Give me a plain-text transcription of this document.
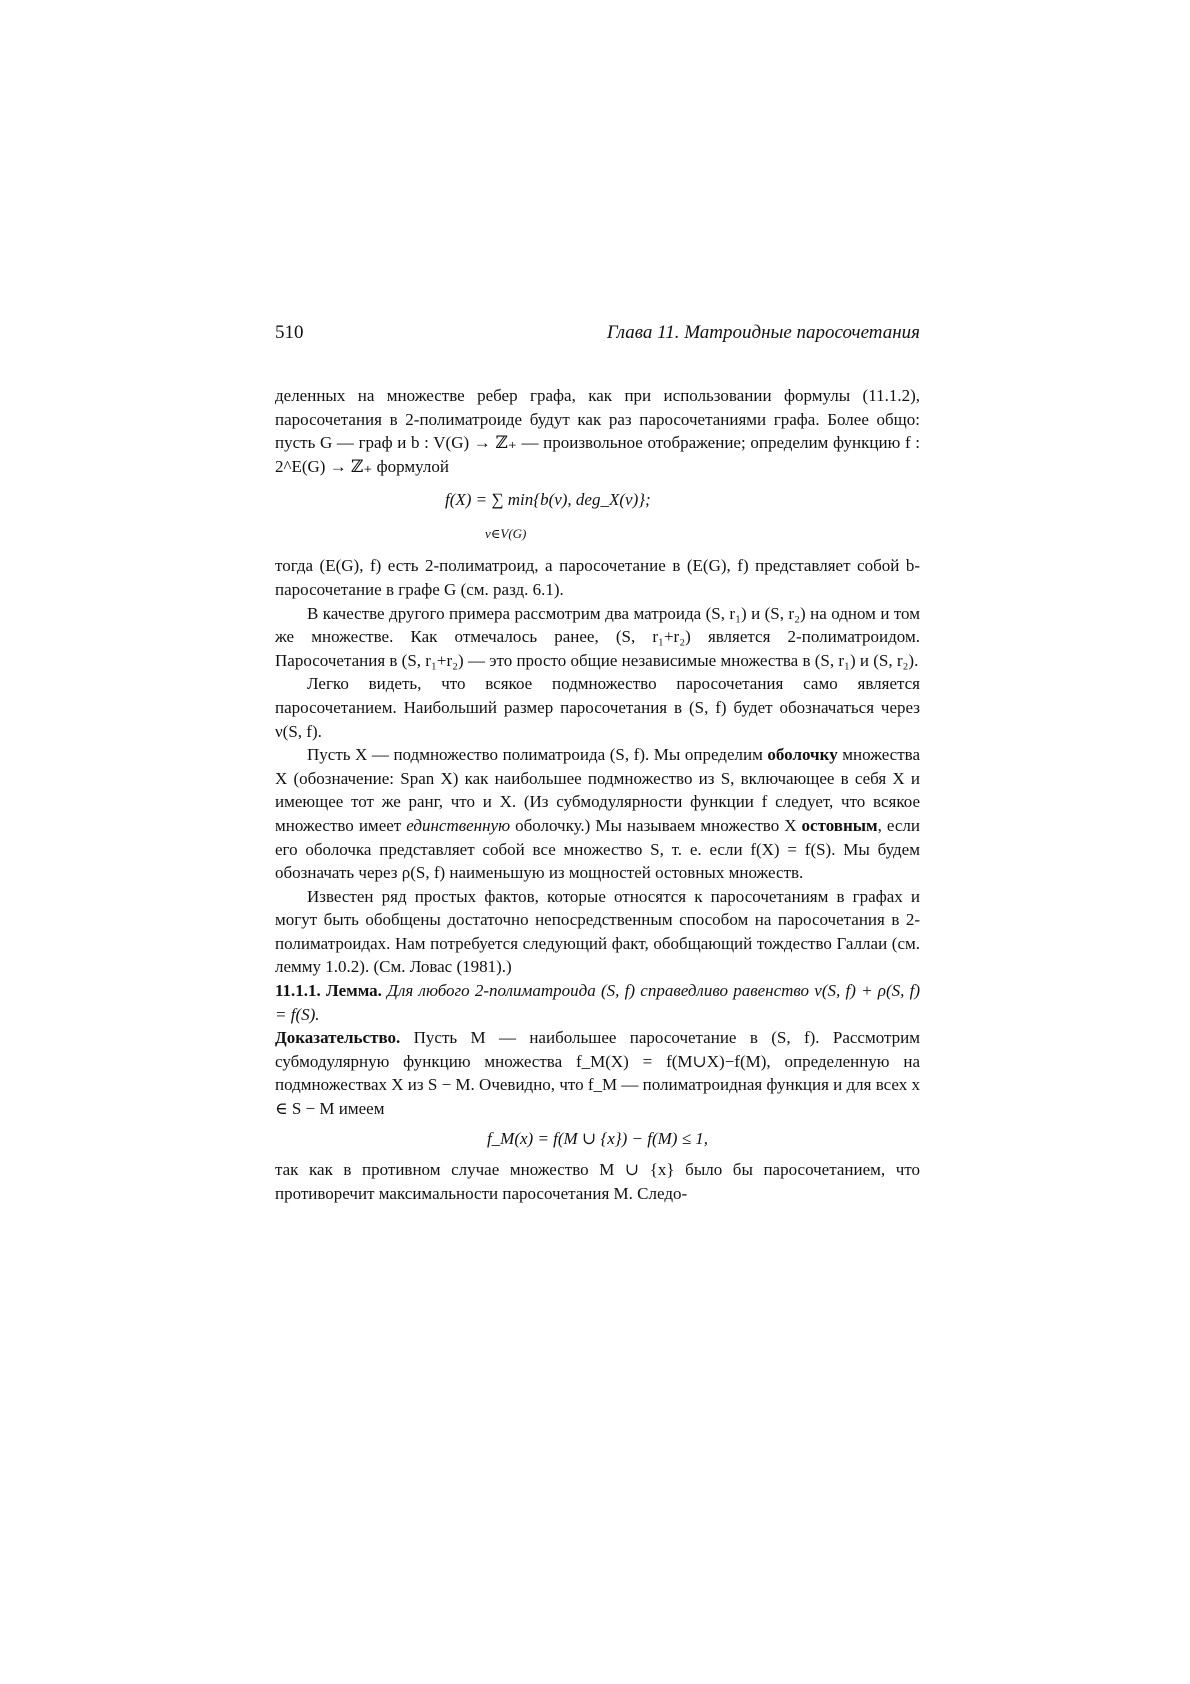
510	Глава 11. Матроидные паросочетания

деленных на множестве ребер графа, как при использовании формулы (11.1.2), паросочетания в 2-полиматроиде будут как раз паросочетаниями графа. Более общо: пусть G — граф и b : V(G) → ℤ₊ — произвольное отображение; определим функцию f : 2^E(G) → ℤ₊ формулой

f(X) = ∑ min{b(v), deg_X(v)};
v∈V(G)

тогда (E(G), f) есть 2-полиматроид, а паросочетание в (E(G), f) представляет собой b-паросочетание в графе G (см. разд. 6.1).

В качестве другого примера рассмотрим два матроида (S, r₁) и (S, r₂) на одном и том же множестве. Как отмечалось ранее, (S, r₁+r₂) является 2-полиматроидом. Паросочетания в (S, r₁+r₂) — это просто общие независимые множества в (S, r₁) и (S, r₂).

Легко видеть, что всякое подмножество паросочетания само является паросочетанием. Наибольший размер паросочетания в (S, f) будет обозначаться через ν(S, f).

Пусть X — подмножество полиматроида (S, f). Мы определим оболочку множества X (обозначение: Span X) как наибольшее подмножество из S, включающее в себя X и имеющее тот же ранг, что и X. (Из субмодулярности функции f следует, что всякое множество имеет единственную оболочку.) Мы называем множество X остовным, если его оболочка представляет собой все множество S, т. е. если f(X) = f(S). Мы будем обозначать через ρ(S, f) наименьшую из мощностей остовных множеств.

Известен ряд простых фактов, которые относятся к паросочетаниям в графах и могут быть обобщены достаточно непосредственным способом на паросочетания в 2-полиматроидах. Нам потребуется следующий факт, обобщающий тождество Галлаи (см. лемму 1.0.2). (См. Ловас (1981).)

11.1.1. Лемма. Для любого 2-полиматроида (S, f) справедливо равенство ν(S, f) + ρ(S, f) = f(S).

Доказательство. Пусть M — наибольшее паросочетание в (S, f). Рассмотрим субмодулярную функцию множества f_M(X) = f(M∪X)−f(M), определенную на подмножествах X из S − M. Очевидно, что f_M — полиматроидная функция и для всех x ∈ S − M имеем

f_M(x) = f(M ∪ {x}) − f(M) ≤ 1,

так как в противном случае множество M ∪ {x} было бы паросочетанием, что противоречит максимальности паросочетания M. Следо-
